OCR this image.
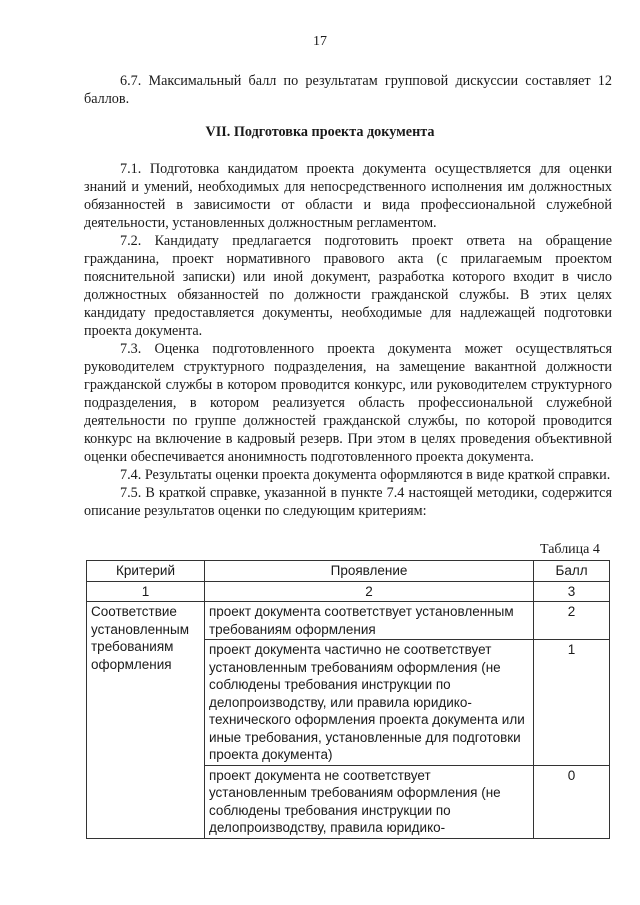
17

6.7. Максимальный балл по результатам групповой дискуссии составляет 12 баллов.

VII. Подготовка проекта документа

7.1. Подготовка кандидатом проекта документа осуществляется для оценки знаний и умений, необходимых для непосредственного исполнения им должностных обязанностей в зависимости от области и вида профессиональной служебной деятельности, установленных должностным регламентом.

7.2. Кандидату предлагается подготовить проект ответа на обращение гражданина, проект нормативного правового акта (с прилагаемым проектом пояснительной записки) или иной документ, разработка которого входит в число должностных обязанностей по должности гражданской службы. В этих целях кандидату предоставляется документы, необходимые для надлежащей подготовки проекта документа.

7.3. Оценка подготовленного проекта документа может осуществляться руководителем структурного подразделения, на замещение вакантной должности гражданской службы в котором проводится конкурс, или руководителем структурного подразделения, в котором реализуется область профессиональной служебной деятельности по группе должностей гражданской службы, по которой проводится конкурс на включение в кадровый резерв. При этом в целях проведения объективной оценки обеспечивается анонимность подготовленного проекта документа.

7.4. Результаты оценки проекта документа оформляются в виде краткой справки.

7.5. В краткой справке, указанной в пункте 7.4 настоящей методики, содержится описание результатов оценки по следующим критериям:

Таблица 4
Критерий	Проявление	Балл
1	2	3
Соответствие установленным требованиям оформления	проект документа соответствует установленным требованиям оформления	2
	проект документа частично не соответствует установленным требованиям оформления (не соблюдены требования инструкции по делопроизводству, или правила юридико-технического оформления проекта документа или иные требования, установленные для подготовки проекта документа)	1
	проект документа не соответствует установленным требованиям оформления (не соблюдены требования инструкции по делопроизводству, правила юридико-	0
